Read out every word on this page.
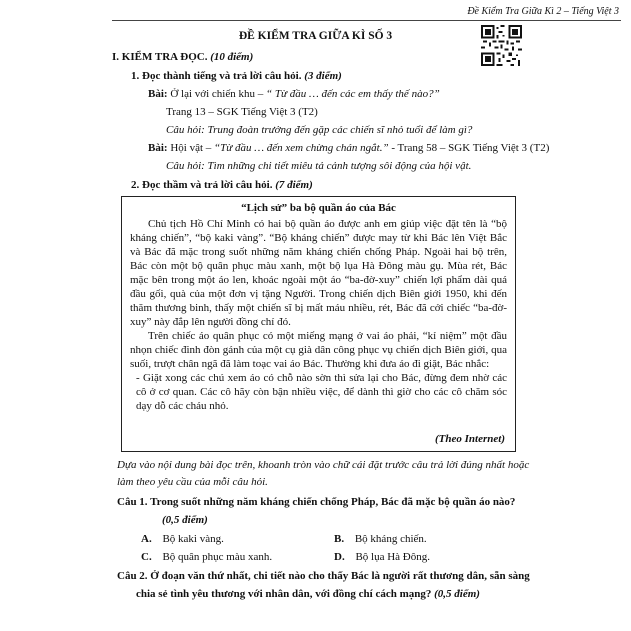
Đề Kiểm Tra Giữa Kì 2 – Tiếng Việt 3
ĐỀ KIỂM TRA GIỮA KÌ SỐ 3
I. KIỂM TRA ĐỌC. (10 điểm)
1. Đọc thành tiếng và trả lời câu hỏi. (3 điểm)
Bài: Ở lại với chiến khu – “ Từ đầu … đến các em thấy thế nào?”
Trang 13 – SGK Tiếng Việt 3 (T2)
Câu hỏi: Trung đoàn trưởng đến gặp các chiến sĩ nhỏ tuổi để làm gì?
Bài: Hội vật – “Từ đầu … đến xem chừng chán ngắt.” - Trang 58 – SGK Tiếng Việt 3 (T2)
Câu hỏi: Tìm những chi tiết miêu tả cảnh tượng sôi động của hội vật.
2. Đọc thầm và trả lời câu hỏi. (7 điểm)
“Lịch sử” ba bộ quần áo của Bác

Chủ tịch Hồ Chí Minh có hai bộ quần áo được anh em giúp việc đặt tên là “bộ kháng chiến”, “bộ kaki vàng”. “Bộ kháng chiến” được may từ khi Bác lên Việt Bắc và Bác đã mặc trong suốt những năm kháng chiến chống Pháp. Ngoài hai bộ trên, Bác còn một bộ quân phục màu xanh, một bộ lụa Hà Đông màu gụ. Mùa rét, Bác mặc bên trong một áo len, khoác ngoài một áo “ba-đờ-xuy” chiến lợi phẩm dài quá đầu gối, quà của một đơn vị tặng Người. Trong chiến dịch Biên giới 1950, khi đến thăm thương binh, thấy một chiến sĩ bị mất máu nhiều, rét, Bác đã cởi chiếc “ba-đờ-xuy” này đắp lên người đồng chí đó.

Trên chiếc áo quân phục có một miếng mạng ở vai áo phải, “kỉ niệm” một đầu nhọn chiếc đinh đòn gánh của một cụ già dân công phục vụ chiến dịch Biên giới, qua suối, trượt chân ngã đã làm toạc vai áo Bác. Thường khi đưa áo đi giặt, Bác nhắc:

- Giặt xong các chú xem áo có chỗ nào sờn thì sửa lại cho Bác, đừng đem nhờ các cô ở cơ quan. Các cô hãy còn bận nhiều việc, để dành thì giờ cho các cô chăm sóc dạy dỗ các cháu nhỏ.

(Theo Internet)
Dựa vào nội dung bài đọc trên, khoanh tròn vào chữ cái đặt trước câu trả lời đúng nhất hoặc
làm theo yêu cầu của mỗi câu hỏi.
Câu 1. Trong suốt những năm kháng chiến chống Pháp, Bác đã mặc bộ quần áo nào?
(0,5 điểm)
A. Bộ kaki vàng.	B. Bộ kháng chiến.
C. Bộ quân phục màu xanh.	D. Bộ lụa Hà Đông.
Câu 2. Ở đoạn văn thứ nhất, chi tiết nào cho thấy Bác là người rất thương dân, sẵn sàng
chia sẻ tình yêu thương với nhân dân, với đồng chí cách mạng? (0,5 điểm)
